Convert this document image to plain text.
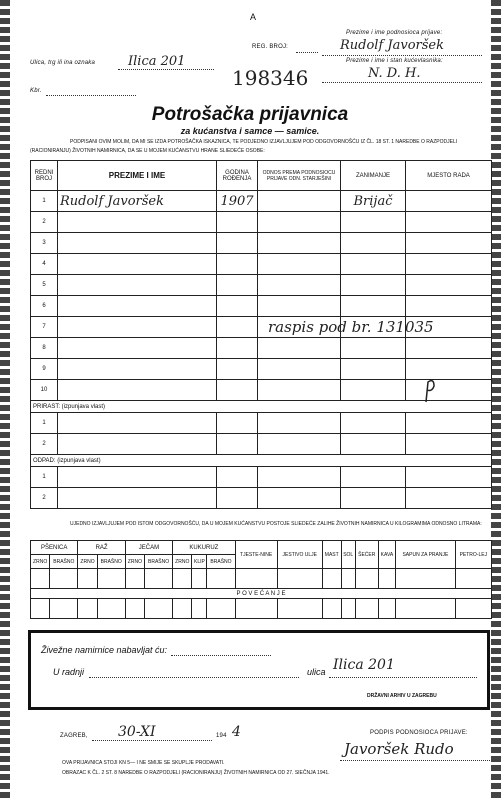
A
Prezime i ime podnosioca prijave:
REG. BROJ:	Rudolf Javoršek
Prezime i ime i stan kućevlasnika:
Ulica, trg ili ina oznaka	Ilica 201
N. D. H.
198346
Kbr.
Potrošačka prijavnica
za kućanstva i samce — samice.
PODPISANI OVIM MOLIM, DA MI SE IZDA POTROŠAČKA ISKAZNICA, TE PODJEDNO IZJAVLJUJEM POD ODGOVORNOŠĆU IZ ČL. 18 ST. 1 NAREDBE O RAZPODJELI (RACIONIRANJU) ŽIVOTNIH NAMIRNICA, DA SE U MOJEM KUĆANSTVU HRANE SLIEDEĆE OSOBE:
REDNI BROJ	PREZIME I IME	GODINA ROĐENJA	ODNOS PREMA PODNOSIOCU PRIJAVE ODN. STARJEŠINI	ZANIMANJE	MJESTO RADA
1	Rudolf Javoršek	1907		Brijač	
2					
3					
4					
5					
6					
7					
8					
9					
10					
PRIRAST: (izpunjava vlast)					
1					
2					
ODPAD: (izpunjava vlast)					
1					
2					
raspis pod br. 131035
UJEDNO IZJAVLJUJEM POD ISTOM ODGOVORNOŠĆU, DA U MOJEM KUĆANSTVU POSTOJE SLIEDEĆE ZALIHE ŽIVOTNIH NAMIRNICA U KILOGRAMIMA ODNOSNO LITRAMA:
PŠENICA		RAŽ		JEČAM		KUKURUZ			TJESTE-NINE	JESTIVO ULJE	MAST	SOL	ŠEĆER	KAVA	SAPUN ZA PRANJE	PETRO-LEJ
ZRNO	BRAŠNO	ZRNO	BRAŠNO	ZRNO	BRAŠNO	ZRNO	KLIP	BRAŠNO								

P O V E Ć A N J E																

Živežne namirnice nabavljat ću:
U radnji	ulica Ilica 201
DRŽAVNI ARHIV U ZAGREBU
ZAGREB, 30-XI	194 4	PODPIS PODNOSIOCA PRIJAVE:
Javoršek Rudo
OVA PRIJAVNICA STOJI KN 5— I NE SMIJE SE SKUPLJE PRODAVATI.
OBRAZAC K ČL. 2 ST. 8 NAREDBE O RAZPODJELI (RACIONIRANJU) ŽIVOTNIH NAMIRNICA OD 27. SIEČNJA 1941.
